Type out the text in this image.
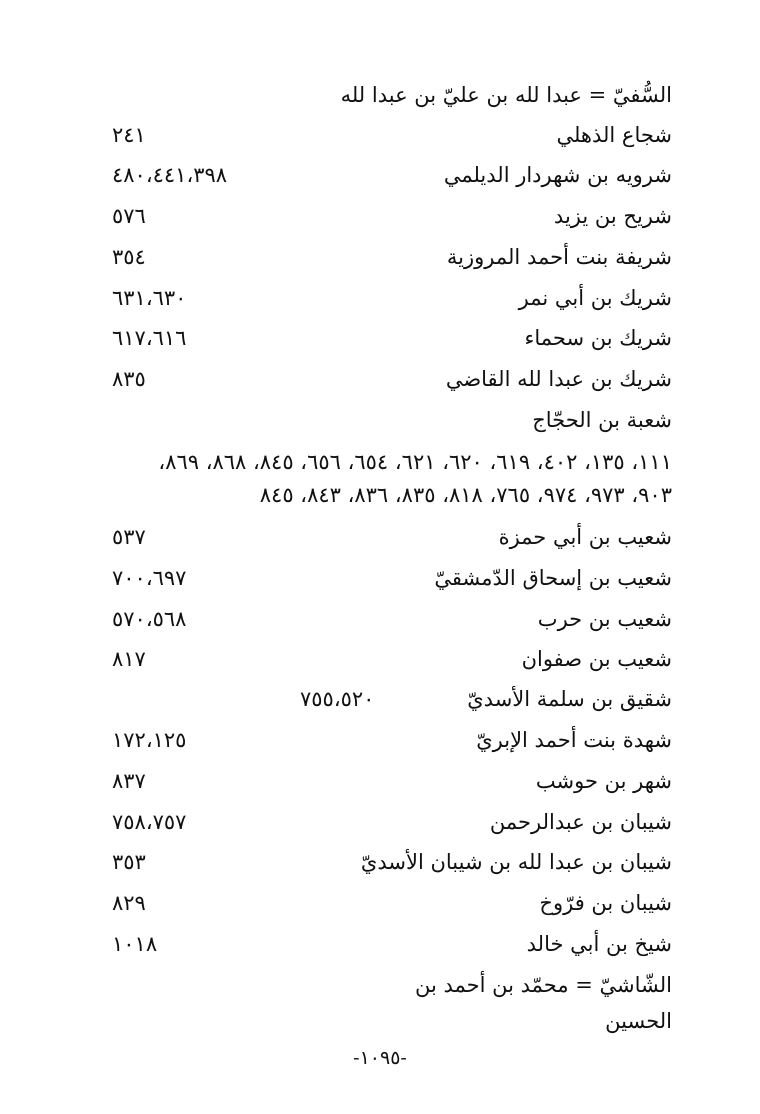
السُّفيّ = عبدا لله بن عليّ بن عبدا لله
شجاع الذهلي
٢٤١
شرويه بن شهردار الديلمي
٤٨٠،٤٤١،٣٩٨
شريح بن يزيد
٥٧٦
شريفة بنت أحمد المروزية
٣٥٤
شريك بن أبي نمر
٦٣١،٦٣٠
شريك بن سحماء
٦١٧،٦١٦
شريك بن عبدا لله القاضي
٨٣٥
شعبة بن الحجّاج
١١١، ١٣٥، ٤٠٢، ٦١٩، ٦٢٠، ٦٢١، ٦٥٤، ٦٥٦، ٨٤٥، ٨٦٨، ٨٦٩،
٩٠٣، ٩٧٣، ٩٧٤، ٧٦٥، ٨١٨، ٨٣٥، ٨٣٦، ٨٤٣، ٨٤٥
شعيب بن أبي حمزة
٥٣٧
شعيب بن إسحاق الدّمشقيّ
٧٠٠،٦٩٧
شعيب بن حرب
٥٧٠،٥٦٨
شعيب بن صفوان
٨١٧
شقيق بن سلمة الأسديّ
٧٥٥،٥٢٠
شهدة بنت أحمد الإبريّ
١٧٢،١٢٥
شهر بن حوشب
٨٣٧
شيبان بن عبدالرحمن
٧٥٨،٧٥٧
شيبان بن عبدا لله بن شيبان الأسديّ
٣٥٣
شيبان بن فرّوخ
٨٢٩
شيخ بن أبي خالد
١٠١٨
الشّاشيّ = محمّد بن أحمد بن
الحسين
-١٠٩٥-
